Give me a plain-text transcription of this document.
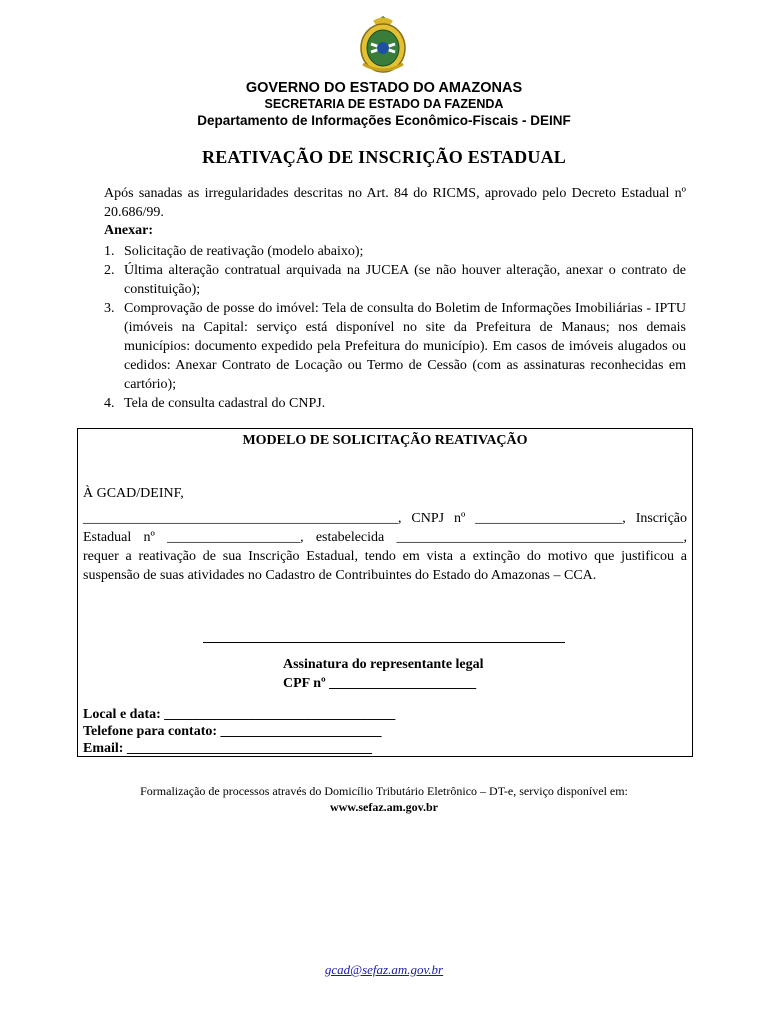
GOVERNO DO ESTADO DO AMAZONAS
SECRETARIA DE ESTADO DA FAZENDA
Departamento de Informações Econômico-Fiscais - DEINF
REATIVAÇÃO DE INSCRIÇÃO ESTADUAL
Após sanadas as irregularidades descritas no Art. 84 do RICMS, aprovado pelo Decreto Estadual nº 20.686/99.
Anexar:
1. Solicitação de reativação (modelo abaixo);
2. Última alteração contratual arquivada na JUCEA (se não houver alteração, anexar o contrato de constituição);
3. Comprovação de posse do imóvel: Tela de consulta do Boletim de Informações Imobiliárias - IPTU (imóveis na Capital: serviço está disponível no site da Prefeitura de Manaus; nos demais municípios: documento expedido pela Prefeitura do município). Em casos de imóveis alugados ou cedidos: Anexar Contrato de Locação ou Termo de Cessão (com as assinaturas reconhecidas em cartório);
4. Tela de consulta cadastral do CNPJ.
MODELO DE SOLICITAÇÃO REATIVAÇÃO
À GCAD/DEINF,
_____________________________________________, CNPJ nº _____________________, Inscrição Estadual nº ___________________, estabelecida _________________________________________, requer a reativação de sua Inscrição Estadual, tendo em vista a extinção do motivo que justificou a suspensão de suas atividades no Cadastro de Contribuintes do Estado do Amazonas – CCA.
Assinatura do representante legal
CPF nº _____________________
Local e data: _________________________________
Telefone para contato: _______________________
Email: ___________________________________
Formalização de processos através do Domicílio Tributário Eletrônico – DT-e, serviço disponível em:
www.sefaz.am.gov.br
gcad@sefaz.am.gov.br
